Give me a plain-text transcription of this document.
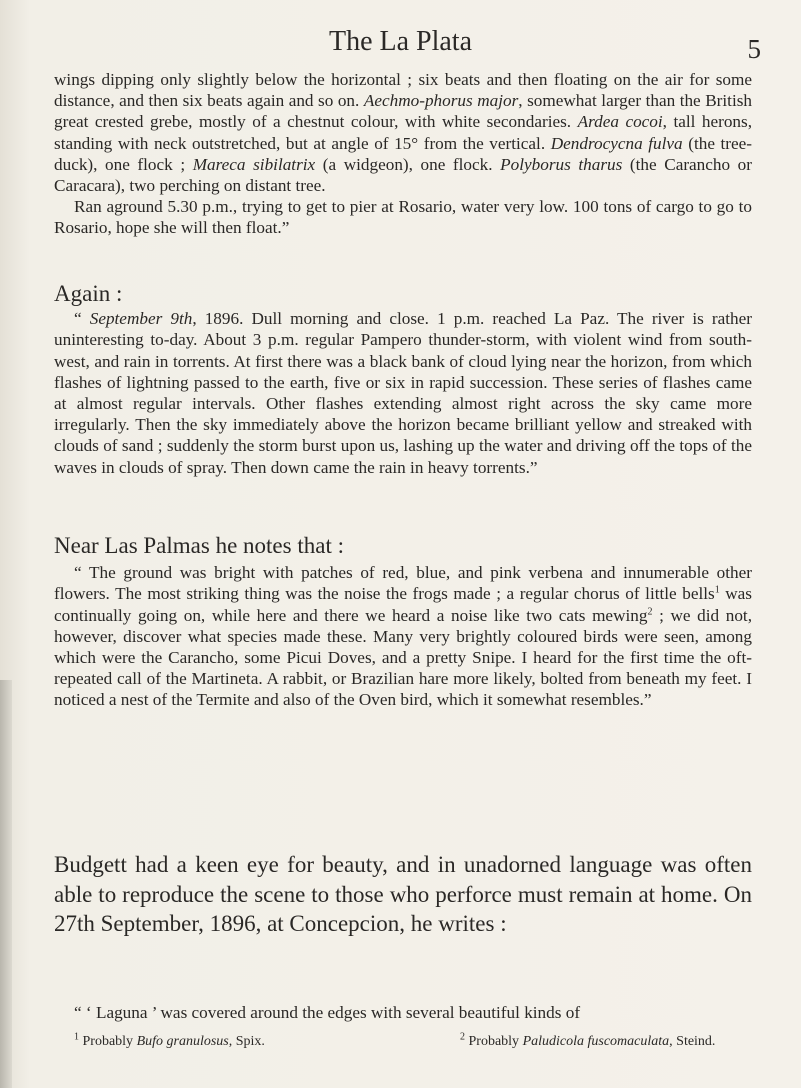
The La Plata	5

wings dipping only slightly below the horizontal ; six beats and then floating on the air for some distance, and then six beats again and so on. Aechmo-phorus major, somewhat larger than the British great crested grebe, mostly of a chestnut colour, with white secondaries. Ardea cocoi, tall herons, standing with neck outstretched, but at angle of 15° from the vertical. Dendrocycna fulva (the tree-duck), one flock ; Mareca sibilatrix (a widgeon), one flock. Polyborus tharus (the Carancho or Caracara), two perching on distant tree.

Ran aground 5.30 p.m., trying to get to pier at Rosario, water very low. 100 tons of cargo to go to Rosario, hope she will then float.”

Again :

“ September 9th, 1896. Dull morning and close. 1 p.m. reached La Paz. The river is rather uninteresting to-day. About 3 p.m. regular Pampero thunder-storm, with violent wind from south-west, and rain in torrents. At first there was a black bank of cloud lying near the horizon, from which flashes of lightning passed to the earth, five or six in rapid succession. These series of flashes came at almost regular intervals. Other flashes extending almost right across the sky came more irregularly. Then the sky immediately above the horizon became brilliant yellow and streaked with clouds of sand ; suddenly the storm burst upon us, lashing up the water and driving off the tops of the waves in clouds of spray. Then down came the rain in heavy torrents.”

Near Las Palmas he notes that :

“ The ground was bright with patches of red, blue, and pink verbena and innumerable other flowers. The most striking thing was the noise the frogs made ; a regular chorus of little bells$^1$ was continually going on, while here and there we heard a noise like two cats mewing$^2$ ; we did not, however, discover what species made these. Many very brightly coloured birds were seen, among which were the Carancho, some Picui Doves, and a pretty Snipe. I heard for the first time the oft-repeated call of the Martineta. A rabbit, or Brazilian hare more likely, bolted from beneath my feet. I noticed a nest of the Termite and also of the Oven bird, which it somewhat resembles.”

Budgett had a keen eye for beauty, and in unadorned language was often able to reproduce the scene to those who perforce must remain at home. On 27th September, 1896, at Concepcion, he writes :

“ ‘ Laguna ’ was covered around the edges with several beautiful kinds of

$^1$ Probably Bufo granulosus, Spix.	$^2$ Probably Paludicola fuscomaculata, Steind.
